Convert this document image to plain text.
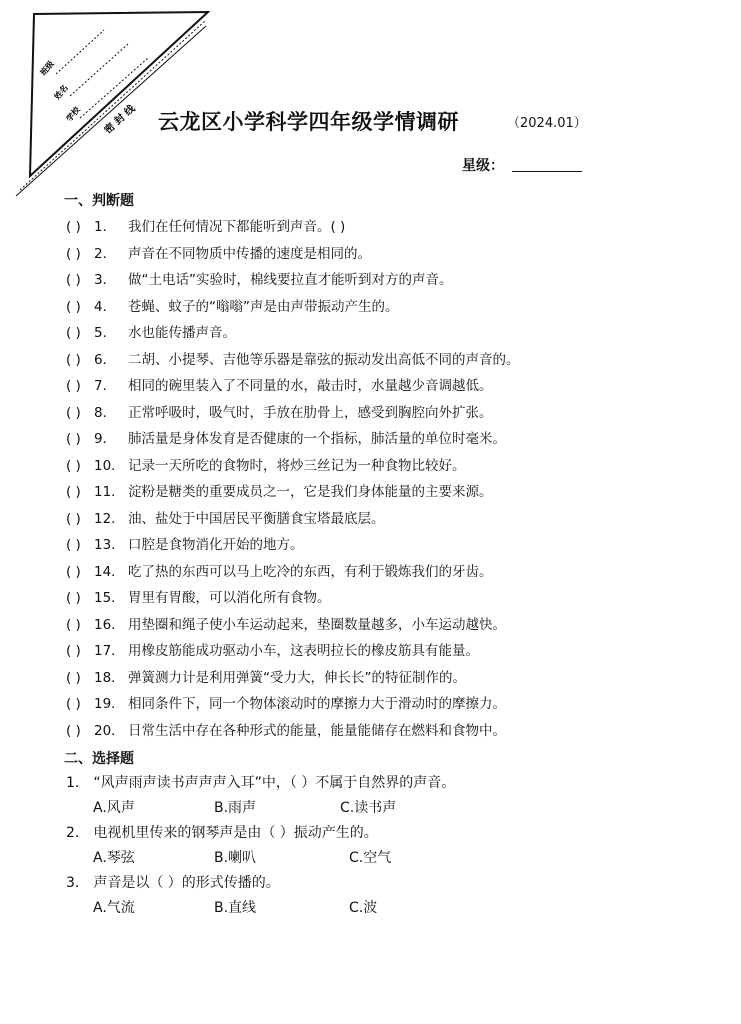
班级
姓名
学校 密 封 线 云龙区小学科学四年级学情调研	（2024.01）
星级：
一、判断题
( ) 1． 我们在任何情况下都能听到声音。( )
( ) 2． 声音在不同物质中传播的速度是相同的。
( ) 3． 做“土电话”实验时，棉线要拉直才能听到对方的声音。
( ) 4． 苍蝇、蚊子的“嗡嗡”声是由声带振动产生的。
( ) 5． 水也能传播声音。
( ) 6． 二胡、小提琴、吉他等乐器是靠弦的振动发出高低不同的声音的。
( ) 7． 相同的碗里装入了不同量的水，敲击时，水量越少音调越低。
( ) 8． 正常呼吸时，吸气时，手放在肋骨上，感受到胸腔向外扩张。
( ) 9． 肺活量是身体发育是否健康的一个指标，肺活量的单位时毫米。
( ) 10． 记录一天所吃的食物时，将炒三丝记为一种食物比较好。
( ) 11． 淀粉是糖类的重要成员之一，它是我们身体能量的主要来源。
( ) 12． 油、盐处于中国居民平衡膳食宝塔最底层。
( ) 13． 口腔是食物消化开始的地方。
( ) 14． 吃了热的东西可以马上吃冷的东西，有利于锻炼我们的牙齿。
( ) 15． 胃里有胃酸，可以消化所有食物。
( ) 16． 用垫圈和绳子使小车运动起来，垫圈数量越多，小车运动越快。
( ) 17． 用橡皮筋能成功驱动小车，这表明拉长的橡皮筋具有能量。
( ) 18． 弹簧测力计是利用弹簧“受力大，伸长长”的特征制作的。
( ) 19． 相同条件下，同一个物体滚动时的摩擦力大于滑动时的摩擦力。
( ) 20． 日常生活中存在各种形式的能量，能量能储存在燃料和食物中。
二、选择题
1． “风声雨声读书声声声入耳”中，（ ）不属于自然界的声音。
A.风声	B.雨声	C.读书声
2． 电视机里传来的钢琴声是由（ ）振动产生的。
A.琴弦	B.喇叭	C.空气
3． 声音是以（ ）的形式传播的。
A.气流	B.直线	C.波
